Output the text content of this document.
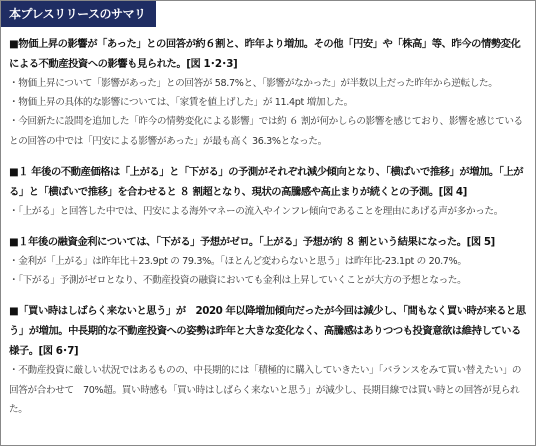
本プレスリリースのサマリ
■物価上昇の影響が「あった」との回答が約６割と、昨年より増加。その他「円安」や「株高」等、昨今の情勢変化による不動産投資への影響も見られた。[図 1･2･3]
・物価上昇について「影響があった」との回答が 58.7%と、「影響がなかった」が半数以上だった昨年から逆転した。
・物価上昇の具体的な影響については、「家賃を値上げした」が 11.4pt 増加した。
・今回新たに設問を追加した「昨今の情勢変化による影響」では約 ６ 割が何かしらの影響を感じており、影響を感じているとの回答の中では「円安による影響があった」が最も高く 36.3%となった。
■１ 年後の不動産価格は「上がる」と「下がる」の予測がそれぞれ減少傾向となり、「横ばいで推移」が増加。「上がる」と「横ばいで推移」を合わせると ８ 割超となり、現状の高騰感や高止まりが続くとの予測。[図 4]
・「上がる」と回答した中では、円安による海外マネーの流入やインフレ傾向であることを理由にあげる声が多かった。
■１年後の融資金利については、「下がる」予想がゼロ。「上がる」予想が約 ８ 割という結果になった。[図 5]
・金利が「上がる」は昨年比＋23.9pt の 79.3%。「ほとんど変わらないと思う」は昨年比-23.1pt の 20.7%。
・「下がる」予測がゼロとなり、不動産投資の融資においても金利は上昇していくことが大方の予想となった。
■「買い時はしばらく来ないと思う」が　2020 年以降増加傾向だったが今回は減少し、「間もなく買い時が来ると思う」が増加。中長期的な不動産投資への姿勢は昨年と大きな変化なく、高騰感はありつつも投資意欲は維持している様子。[図 6･7]
・不動産投資に厳しい状況ではあるものの、中長期的には「積極的に購入していきたい」「バランスをみて買い替えたい」の回答が合わせて　70%超。買い時感も「買い時はしばらく来ないと思う」が減少し、長期目線では買い時との回答が見られた。
